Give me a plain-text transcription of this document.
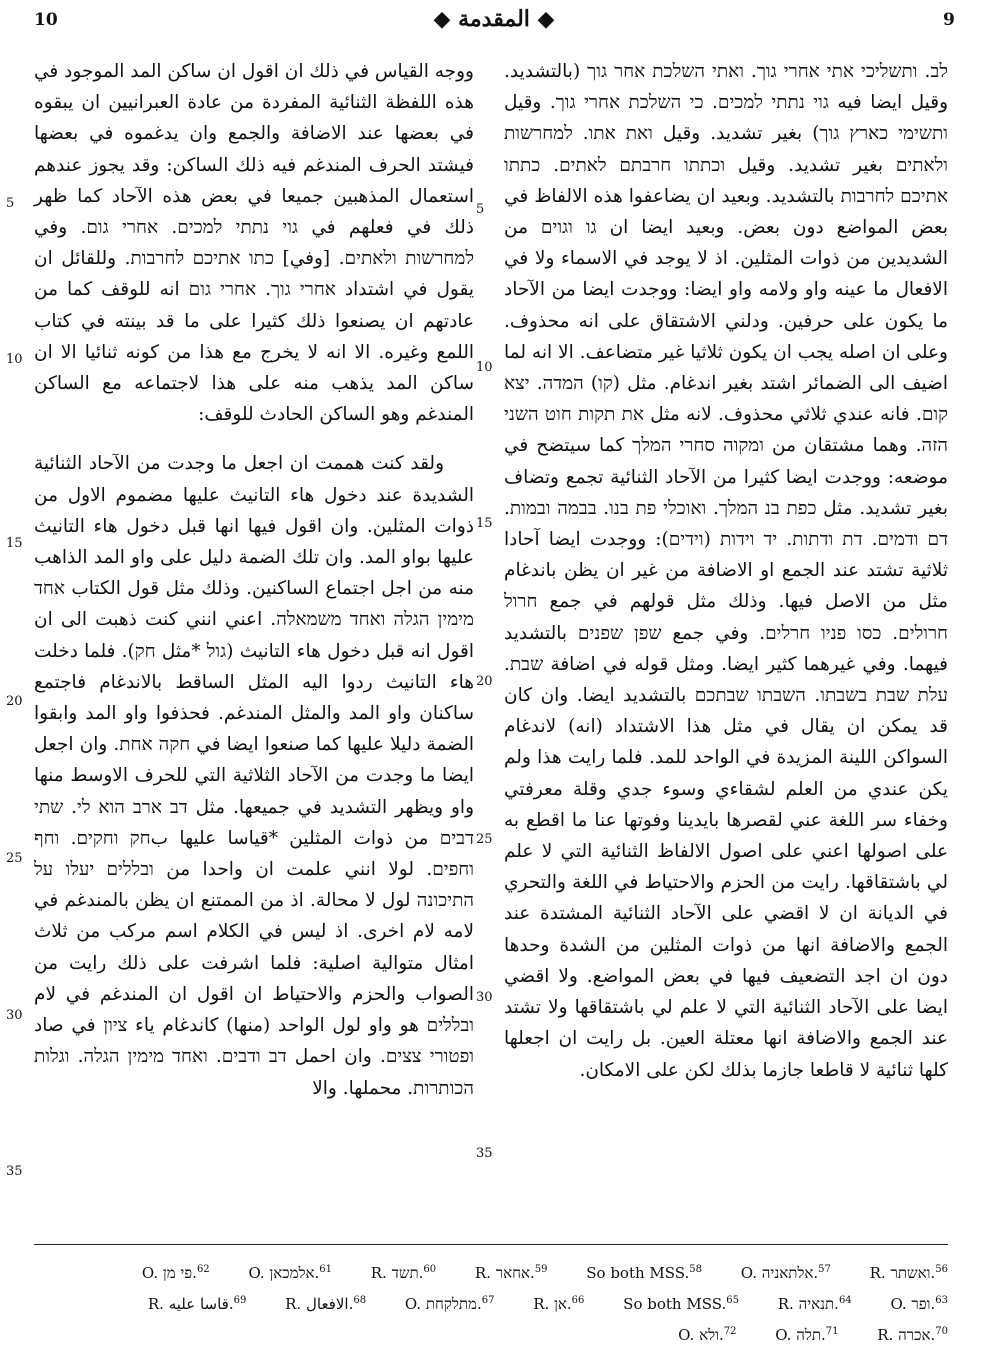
10	◆ المقدمة ◆	9

ووجه القياس في ذلك ان اقول ان ساكن المد الموجود في هذه اللفظة الثنائية المفردة من عادة العبرانيين ان يبقوه في بعضها عند الاضافة والجمع وان يدغموه في بعضها فيشتد الحرف المندغم فيه ذلك الساكن: وقد يجوز عندهم استعمال المذهبين جميعا في بعض هذه الآحاد كما ظهر ذلك في فعلهم في גוי נתתי למכים. אחרי גום. وفي למחרשות ולאתים. [وفي] כתו אתיכם לחרבות. وللقائل ان يقول في اشتداد אחרי גוך. אחרי גום انه للوقف كما من عادتهم ان يصنعوا ذلك كثيرا على ما قد بينته في كتاب اللمع وغيره. الا انه لا يخرج مع هذا من كونه ثنائيا الا ان ساكن المد يذهب منه على هذا لاجتماعه مع الساكن المندغم وهو الساكن الحادث للوقف:

ولقد كنت هممت ان اجعل ما وجدت من الآحاد الثنائية الشديدة عند دخول هاء التانيث عليها مضموم الاول من ذوات المثلين. وان اقول فيها انها قبل دخول هاء التانيث عليها بواو المد. وان تلك الضمة دليل على واو المد الذاهب منه من اجل اجتماع الساكنين. وذلك مثل قول الكتاب אחד מימין הגלה ואחד משמאלה. اعني انني كنت ذهبت الى ان اقول انه قبل دخول هاء التانيث (גול *مثل חק). فلما دخلت هاء التانيث ردوا اليه المثل الساقط بالاندغام فاجتمع ساكنان واو المد والمثل المندغم. فحذفوا واو المد وابقوا الضمة دليلا عليها كما صنعوا ايضا في חקה אחת. وان اجعل ايضا ما وجدت من الآحاد الثلاثية التي للحرف الاوسط منها واو ويظهر التشديد في جميعها. مثل דב ארב הוא לי. שתי דבים من ذوات المثلين *قياسا عليها بחק וחקים. וחף וחפים. لولا انني علمت ان واحدا من ובללים יעלו על התיכונה لول لا محالة. اذ من الممتنع ان يظن بالمندغم في لامه لام اخرى. اذ ليس في الكلام اسم مركب من ثلاث امثال متوالية اصلية: فلما اشرفت على ذلك رايت من الصواب والحزم والاحتياط ان اقول ان المندغم في لام ובללים هو واو لول الواحد (منها) كاندغام ياء ציון في صاد ופטורי צצים. وان احمل דב ודבים. ואחד מימין הגלה. וגלות הכותרות. محملها. والا

לב. ותשליכי אתי אחרי גוך. ואתי השלכת אחר גוך (بالتشديد. وقيل ايضا فيه גוי נתתי למכים. כי השלכת אחרי גוך. وقيل ותשימי כארץ גוך) بغير تشديد. وقيل ואת אתו. למחרשות ולאתים بغير تشديد. وقيل וכתתו חרבתם לאתים. כתתו אתיכם לחרבות بالتشديد. وبعيد ان يضاعفوا هذه الالفاظ في بعض المواضع دون بعض. وبعيد ايضا ان גו וגוים من الشديدين من ذوات المثلين. اذ لا يوجد في الاسماء ولا في الافعال ما عينه واو ولامه واو ايضا: ووجدت ايضا من الآحاد ما يكون على حرفين. ودلني الاشتقاق على انه محذوف. وعلى ان اصله يجب ان يكون ثلاثيا غير متضاعف. الا انه لما اضيف الى الضمائر اشتد بغير اندغام. مثل (קו) המדה. יצא קום. فانه عندي ثلاثي محذوف. لانه مثل את תקות חוט השני הזה. وهما مشتقان من ומקוה סחרי המלך كما سيتضح في موضعه: ووجدت ايضا كثيرا من الآحاد الثنائية تجمع وتضاف بغير تشديد. مثل כפת בנ המלך. ואוכלי פת בנו. בבמה ובמות. דם ודמים. דת ודתות. יד וידות (וידים): ووجدت ايضا آحادا ثلاثية تشتد عند الجمع او الاضافة من غير ان يظن باندغام مثل من الاصل فيها. وذلك مثل قولهم في جمع חרול חרולים. כסו פניו חרלים. وفي جمع שפן שפנים بالتشديد فيهما. وفي غيرهما كثير ايضا. ومثل قوله في اضافة שבת. עלת שבת בשבתו. השבתו שבתכם بالتشديد ايضا. وان كان قد يمكن ان يقال في مثل هذا الاشتداد (انه) لاندغام السواكن اللينة المزيدة في الواحد للمد. فلما رايت هذا ولم يكن عندي من العلم لشقاءي وسوء جدي وقلة معرفتي وخفاء سر اللغة عني لقصرها بايدينا وفوتها عنا ما اقطع به على اصولها اعني على اصول الالفاظ الثنائية التي لا علم لي باشتقاقها. رايت من الحزم والاحتياط في اللغة والتحري في الديانة ان لا اقضي على الآحاد الثنائية المشتدة عند الجمع والاضافة انها من ذوات المثلين من الشدة وحدها دون ان اجد التضعيف فيها في بعض المواضع. ولا اقضي ايضا على الآحاد الثنائية التي لا علم لي باشتقاقها ولا تشتد عند الجمع والاضافة انها معتلة العين. بل رايت ان اجعلها كلها ثنائية لا قاطعا جازما بذلك لكن على الامكان.

5
10
15
20
25
30
35
5
10
15
20
25
30
35
$^{56}$ R. ואשתר.$^{57}$ O. אלתאניה.$^{58}$ So both MSS.$^{59}$ R. אחאר.$^{60}$ R. תשד.$^{61}$ O. אלמכאן.$^{62}$ O. פי מן.$^{63}$ O. ופר.$^{64}$ R. תנאיה.$^{65}$ So both MSS.$^{66}$ R. אן.$^{67}$ O. מתלקחת.$^{68}$ R. الافعال.$^{69}$ R. قاسا عليه.$^{70}$ R. אכרה.$^{71}$ O. תלה.$^{72}$ O. ולא.
